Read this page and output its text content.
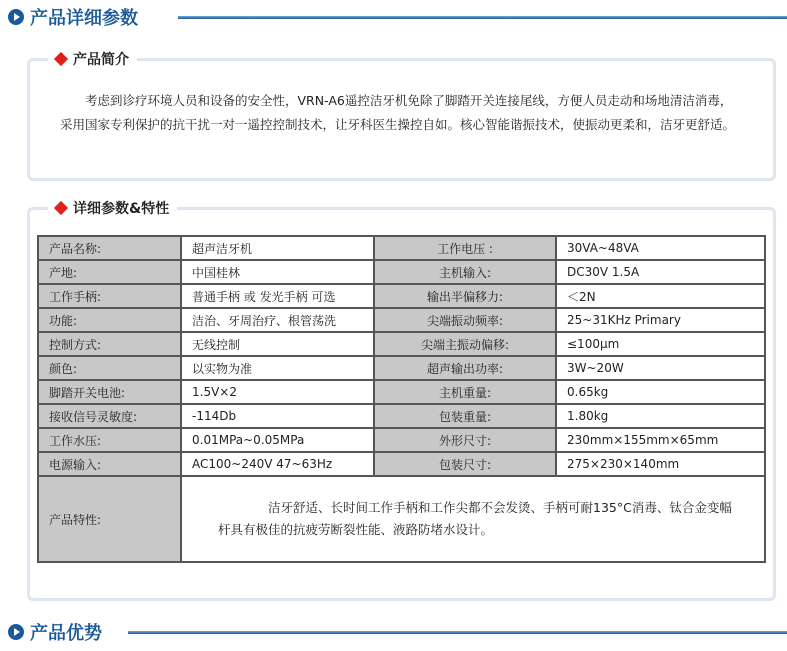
产品详细参数
产品简介
考虑到诊疗环境人员和设备的安全性，VRN-A6遥控洁牙机免除了脚踏开关连接尾线，方便人员走动和场地清洁消毒，采用国家专利保护的抗干扰一对一遥控控制技术，让牙科医生操控自如。核心智能谐振技术，使振动更柔和，洁牙更舒适。
详细参数&特性
产品名称:	超声洁牙机	工作电压 :	30VA~48VA
产地:	中国桂林	主机输入:	DC30V 1.5A
工作手柄:	普通手柄 或 发光手柄 可选	输出半偏移力:	＜2N
功能:	洁治、牙周治疗、根管荡洗	尖端振动频率:	25~31KHz Primary
控制方式:	无线控制	尖端主振动偏移:	≤100μm
颜色:	以实物为准	超声输出功率:	3W~20W
脚踏开关电池:	1.5V×2	主机重量:	0.65kg
接收信号灵敏度:	-114Db	包装重量:	1.80kg
工作水压:	0.01MPa~0.05MPa	外形尺寸:	230mm×155mm×65mm
电源输入:	AC100~240V 47~63Hz	包装尺寸:	275×230×140mm
产品特性:	洁牙舒适、长时间工作手柄和工作尖都不会发烫、手柄可耐135°C消毒、钛合金变幅杆具有极佳的抗疲劳断裂性能、液路防堵水设计。		
产品优势
